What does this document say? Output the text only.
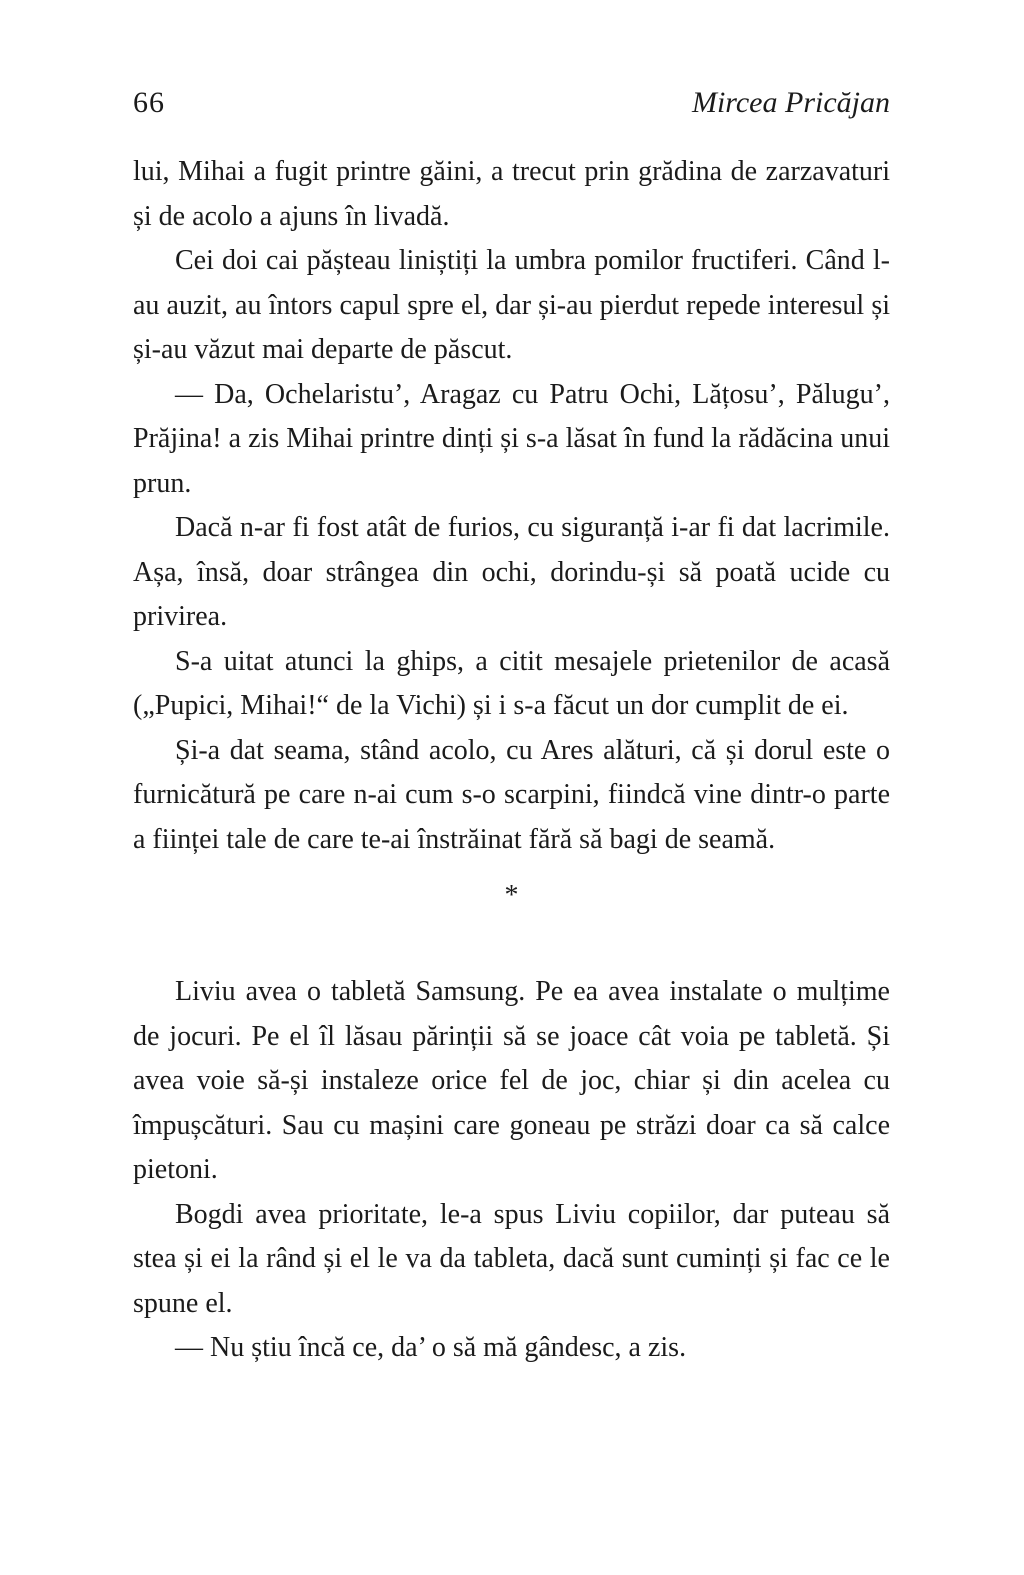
66	Mircea Pricăjan

lui, Mihai a fugit printre găini, a trecut prin grădina de zarzavaturi și de acolo a ajuns în livadă.

Cei doi cai pășteau liniștiți la umbra pomilor fructiferi. Când l-au auzit, au întors capul spre el, dar și-au pierdut repede interesul și și-au văzut mai departe de păscut.

— Da, Ochelaristu’, Aragaz cu Patru Ochi, Lățosu’, Pălugu’, Prăjina! a zis Mihai printre dinți și s-a lăsat în fund la rădăcina unui prun.

Dacă n-ar fi fost atât de furios, cu siguranță i-ar fi dat lacrimile. Așa, însă, doar strângea din ochi, dorindu-și să poată ucide cu privirea.

S-a uitat atunci la ghips, a citit mesajele prietenilor de acasă („Pupici, Mihai!“ de la Vichi) și i s-a făcut un dor cumplit de ei.

Și-a dat seama, stând acolo, cu Ares alături, că și dorul este o furnicătură pe care n-ai cum s-o scarpini, fiindcă vine dintr-o parte a ființei tale de care te-ai înstrăinat fără să bagi de seamă.

*

Liviu avea o tabletă Samsung. Pe ea avea instalate o mulțime de jocuri. Pe el îl lăsau părinții să se joace cât voia pe tabletă. Și avea voie să-și instaleze orice fel de joc, chiar și din acelea cu împușcături. Sau cu mașini care goneau pe străzi doar ca să calce pietoni.

Bogdi avea prioritate, le-a spus Liviu copiilor, dar puteau să stea și ei la rând și el le va da tableta, dacă sunt cuminți și fac ce le spune el.

— Nu știu încă ce, da’ o să mă gândesc, a zis.
